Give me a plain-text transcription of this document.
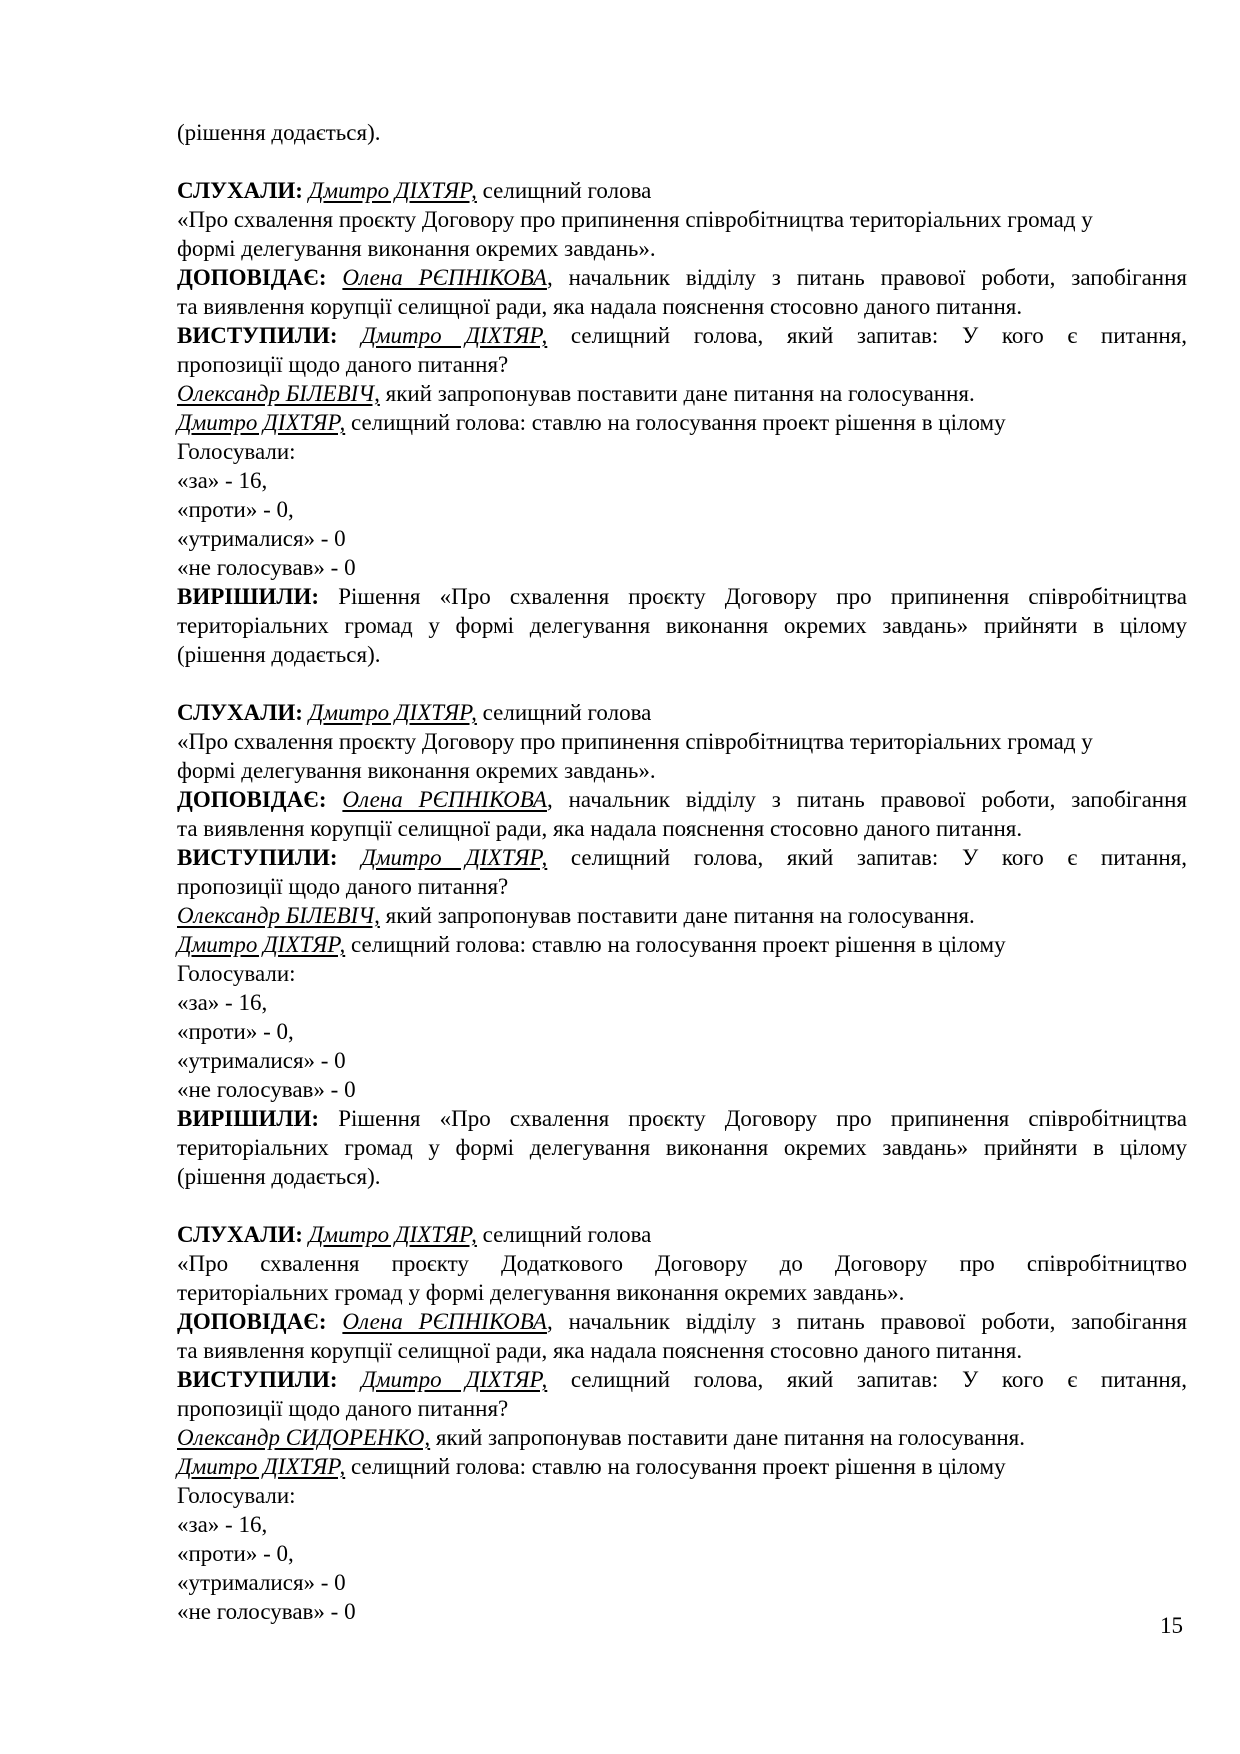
(рішення додається).
СЛУХАЛИ: Дмитро ДІХТЯР, селищний голова
«Про схвалення проєкту Договору про припинення співробітництва територіальних громад у
формі делегування виконання окремих завдань».
ДОПОВІДАЄ: Олена РЄПНІКОВА, начальник відділу з питань правової роботи, запобігання
та виявлення корупції селищної ради, яка надала пояснення стосовно даного питання.
ВИСТУПИЛИ: Дмитро ДІХТЯР, селищний голова, який запитав: У кого є питання,
пропозиції щодо даного питання?
Олександр БІЛЕВІЧ, який запропонував поставити дане питання на голосування.
Дмитро ДІХТЯР, селищний голова: ставлю на голосування проект рішення в цілому
Голосували:
«за» - 16,
«проти» - 0,
«утрималися» - 0
«не голосував» - 0
ВИРІШИЛИ: Рішення «Про схвалення проєкту Договору про припинення співробітництва
територіальних громад у формі делегування виконання окремих завдань» прийняти в цілому
(рішення додається).
СЛУХАЛИ: Дмитро ДІХТЯР, селищний голова
«Про схвалення проєкту Договору про припинення співробітництва територіальних громад у
формі делегування виконання окремих завдань».
ДОПОВІДАЄ: Олена РЄПНІКОВА, начальник відділу з питань правової роботи, запобігання
та виявлення корупції селищної ради, яка надала пояснення стосовно даного питання.
ВИСТУПИЛИ: Дмитро ДІХТЯР, селищний голова, який запитав: У кого є питання,
пропозиції щодо даного питання?
Олександр БІЛЕВІЧ, який запропонував поставити дане питання на голосування.
Дмитро ДІХТЯР, селищний голова: ставлю на голосування проект рішення в цілому
Голосували:
«за» - 16,
«проти» - 0,
«утрималися» - 0
«не голосував» - 0
ВИРІШИЛИ: Рішення «Про схвалення проєкту Договору про припинення співробітництва
територіальних громад у формі делегування виконання окремих завдань» прийняти в цілому
(рішення додається).
СЛУХАЛИ: Дмитро ДІХТЯР, селищний голова
«Про схвалення проєкту Додаткового Договору до Договору про співробітництво
територіальних громад у формі делегування виконання окремих завдань».
ДОПОВІДАЄ: Олена РЄПНІКОВА, начальник відділу з питань правової роботи, запобігання
та виявлення корупції селищної ради, яка надала пояснення стосовно даного питання.
ВИСТУПИЛИ: Дмитро ДІХТЯР, селищний голова, який запитав: У кого є питання,
пропозиції щодо даного питання?
Олександр СИДОРЕНКО, який запропонував поставити дане питання на голосування.
Дмитро ДІХТЯР, селищний голова: ставлю на голосування проект рішення в цілому
Голосували:
«за» - 16,
«проти» - 0,
«утрималися» - 0
«не голосував» - 0
15
